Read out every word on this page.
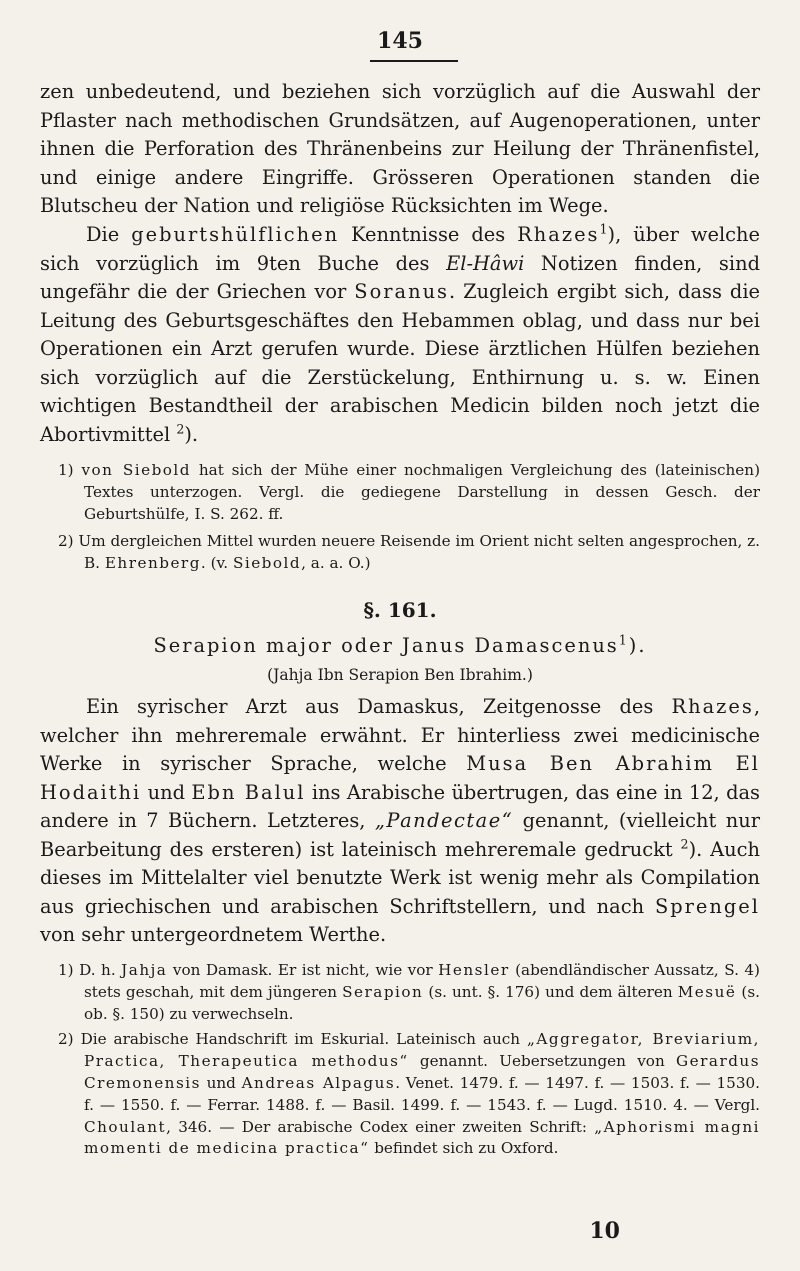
145

zen unbedeutend, und beziehen sich vorzüglich auf die Auswahl der Pflaster nach methodischen Grundsätzen, auf Augenoperationen, unter ihnen die Perforation des Thränenbeins zur Heilung der Thränenfistel, und einige andere Eingriffe. Grösseren Operationen standen die Blutscheu der Nation und religiöse Rücksichten im Wege.

Die geburtshülflichen Kenntnisse des Rhazes$^1$), über welche sich vorzüglich im 9ten Buche des El-Hâwi Notizen finden, sind ungefähr die der Griechen vor Soranus. Zugleich ergibt sich, dass die Leitung des Geburtsgeschäftes den Hebammen oblag, und dass nur bei Operationen ein Arzt gerufen wurde. Diese ärztlichen Hülfen beziehen sich vorzüglich auf die Zerstückelung, Enthirnung u. s. w. Einen wichtigen Bestandtheil der arabischen Medicin bilden noch jetzt die Abortivmittel $^2$).

1) von Siebold hat sich der Mühe einer nochmaligen Vergleichung des (lateinischen) Textes unterzogen. Vergl. die gediegene Darstellung in dessen Gesch. der Geburtshülfe, I. S. 262. ff.

2) Um dergleichen Mittel wurden neuere Reisende im Orient nicht selten angesprochen, z. B. Ehrenberg. (v. Siebold, a. a. O.)

§. 161.
Serapion major oder Janus Damascenus$^1$).
(Jahja Ibn Serapion Ben Ibrahim.)

Ein syrischer Arzt aus Damaskus, Zeitgenosse des Rhazes, welcher ihn mehreremale erwähnt. Er hinterliess zwei medicinische Werke in syrischer Sprache, welche Musa Ben Abrahim El Hodaithi und Ebn Balul ins Arabische übertrugen, das eine in 12, das andere in 7 Büchern. Letzteres, „Pandectae“ genannt, (vielleicht nur Bearbeitung des ersteren) ist lateinisch mehreremale gedruckt $^2$). Auch dieses im Mittelalter viel benutzte Werk ist wenig mehr als Compilation aus griechischen und arabischen Schriftstellern, und nach Sprengel von sehr untergeordnetem Werthe.

1) D. h. Jahja von Damask. Er ist nicht, wie vor Hensler (abendländischer Aussatz, S. 4) stets geschah, mit dem jüngeren Serapion (s. unt. §. 176) und dem älteren Mesuë (s. ob. §. 150) zu verwechseln.

2) Die arabische Handschrift im Eskurial. Lateinisch auch „Aggregator, Breviarium, Practica, Therapeutica methodus“ genannt. Uebersetzungen von Gerardus Cremonensis und Andreas Alpagus. Venet. 1479. f. — 1497. f. — 1503. f. — 1530. f. — 1550. f. — Ferrar. 1488. f. — Basil. 1499. f. — 1543. f. — Lugd. 1510. 4. — Vergl. Choulant, 346. — Der arabische Codex einer zweiten Schrift: „Aphorismi magni momenti de medicina practica“ befindet sich zu Oxford.

10
